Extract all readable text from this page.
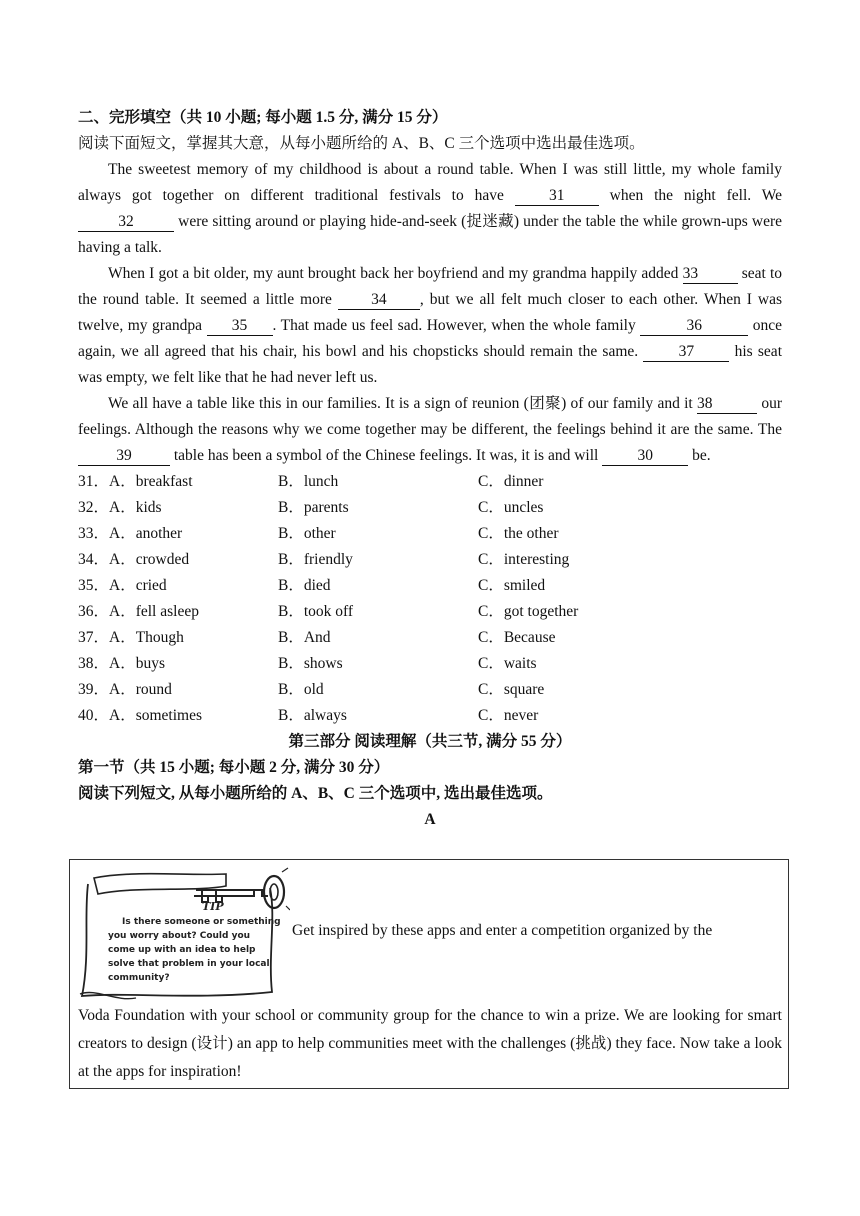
二、完形填空（共 10 小题; 每小题 1.5 分, 满分 15 分）
阅读下面短文，掌握其大意，从每小题所给的 A、B、C 三个选项中选出最佳选项。
The sweetest memory of my childhood is about a round table. When I was still little, my whole family always got together on different traditional festivals to have	31	when the night fell. We 32	were sitting around or playing hide-and-seek (捉迷藏) under the table the while grown-ups were having a talk.
When I got a bit older, my aunt brought back her boyfriend and my grandma happily added 33	seat to the round table. It seemed a little more	34 , but we all felt much closer to each other. When I was twelve, my grandpa 35 . That made us feel sad. However, when the whole family	36	once again, we all agreed that his chair, his bowl and his chopsticks should remain the same.	37	his seat was empty, we felt like that he had never left us.
We all have a table like this in our families. It is a sign of reunion (团聚) of our family and it 38	our feelings. Although the reasons why we come together may be different, the feelings behind it are the same. The 39	table has been a symbol of the Chinese feelings. It was, it is and will	30	be.
31． A．breakfast	B．lunch	C．dinner
32． A．kids	B．parents	C．uncles
33． A．another	B．other	C．the other
34． A．crowded	B．friendly	C．interesting
35． A．cried	B．died	C．smiled
36． A．fell asleep	B．took off	C．got together
37． A．Though	B．And	C．Because
38． A．buys	B．shows	C．waits
39． A．round	B．old	C．square
40． A．sometimes	B．always	C．never
第三部分 阅读理解（共三节, 满分 55 分）
第一节（共 15 小题; 每小题 2 分, 满分 30 分）
阅读下列短文, 从每小题所给的 A、B、C 三个选项中, 选出最佳选项。
A
TIP
Is there someone or something you worry about? Could you come up with an idea to help solve that problem in your local community?
Get inspired by these apps and enter a competition organized by the
Voda Foundation with your school or community group for the chance to win a prize. We are looking for smart creators to design (设计) an app to help communities meet with the challenges (挑战) they face. Now take a look at the apps for inspiration!
